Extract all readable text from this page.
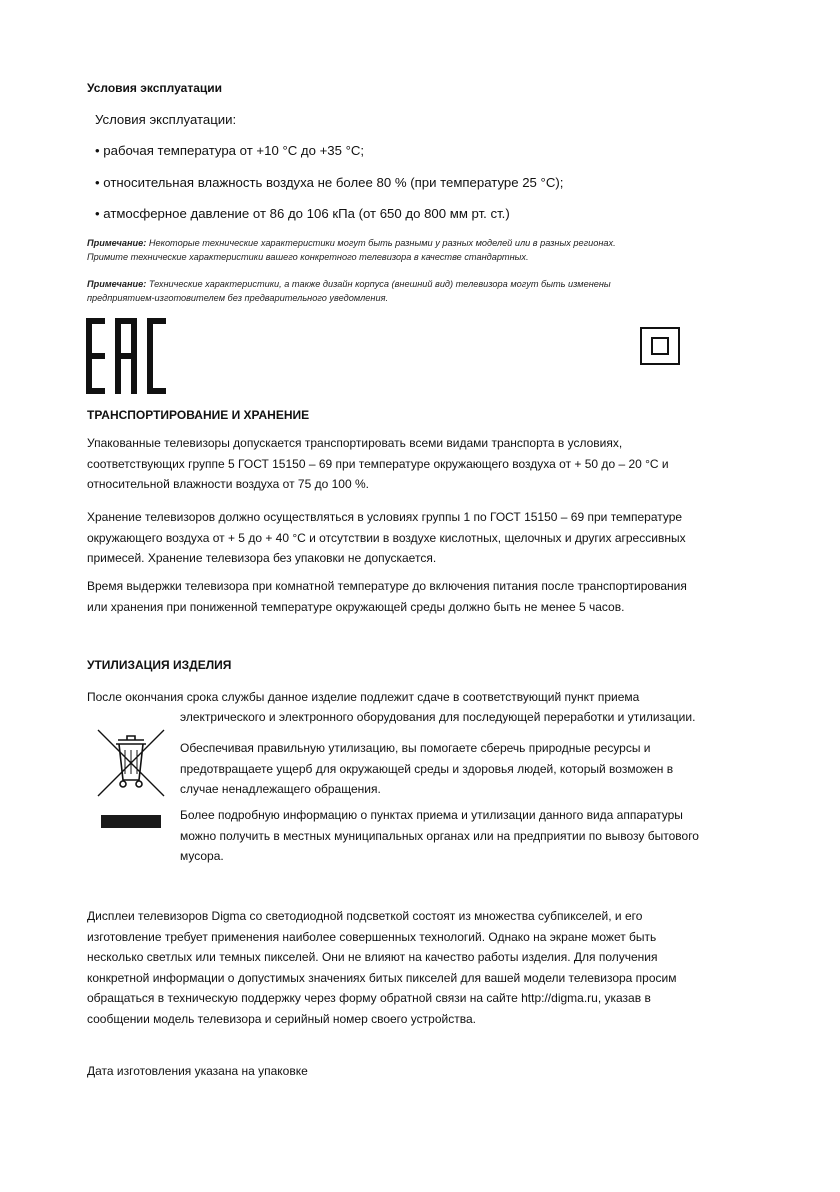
Условия эксплуатации
Условия эксплуатации:
• рабочая температура от +10 °С до +35 °С;
• относительная влажность воздуха не более 80 % (при температуре 25 °С);
• атмосферное давление от 86 до 106 кПа (от 650 до 800 мм рт. ст.)
Примечание: Некоторые технические характеристики могут быть разными у разных моделей или в разных регионах.
Примите технические характеристики вашего конкретного телевизора в качестве стандартных.
Примечание: Технические характеристики, а также дизайн корпуса (внешний вид) телевизора могут быть изменены
предприятием-изготовителем без предварительного уведомления.
ТРАНСПОРТИРОВАНИЕ И ХРАНЕНИЕ
Упакованные телевизоры допускается транспортировать всеми видами транспорта в условиях,
соответствующих группе 5 ГОСТ 15150 – 69 при температуре окружающего воздуха от + 50 до – 20 °С и
относительной влажности воздуха от 75 до 100 %.
Хранение телевизоров должно осуществляться в условиях группы 1 по ГОСТ 15150 – 69 при температуре
окружающего воздуха от + 5 до + 40 °С и отсутствии в воздухе кислотных, щелочных и других агрессивных
примесей. Хранение телевизора без упаковки не допускается.
Время выдержки телевизора при комнатной температуре до включения питания после транспортирования
или хранения при пониженной температуре окружающей среды должно быть не менее 5 часов.
УТИЛИЗАЦИЯ ИЗДЕЛИЯ
После окончания срока службы данное изделие подлежит сдаче в соответствующий пункт приема
электрического и электронного оборудования для последующей переработки и утилизации.
Обеспечивая правильную утилизацию, вы помогаете сберечь природные ресурсы и
предотвращаете ущерб для окружающей среды и здоровья людей, который возможен в
случае ненадлежащего обращения.
Более подробную информацию о пунктах приема и утилизации данного вида аппаратуры
можно получить в местных муниципальных органах или на предприятии по вывозу бытового
мусора.
Дисплеи телевизоров Digma со светодиодной подсветкой состоят из множества субпикселей, и его
изготовление требует применения наиболее совершенных технологий. Однако на экране может быть
несколько светлых или темных пикселей. Они не влияют на качество работы изделия. Для получения
конкретной информации о допустимых значениях битых пикселей для вашей модели телевизора просим
обращаться в техническую поддержку через форму обратной связи на сайте http://digma.ru, указав в
сообщении модель телевизора и серийный номер своего устройства.
Дата изготовления указана на упаковке
